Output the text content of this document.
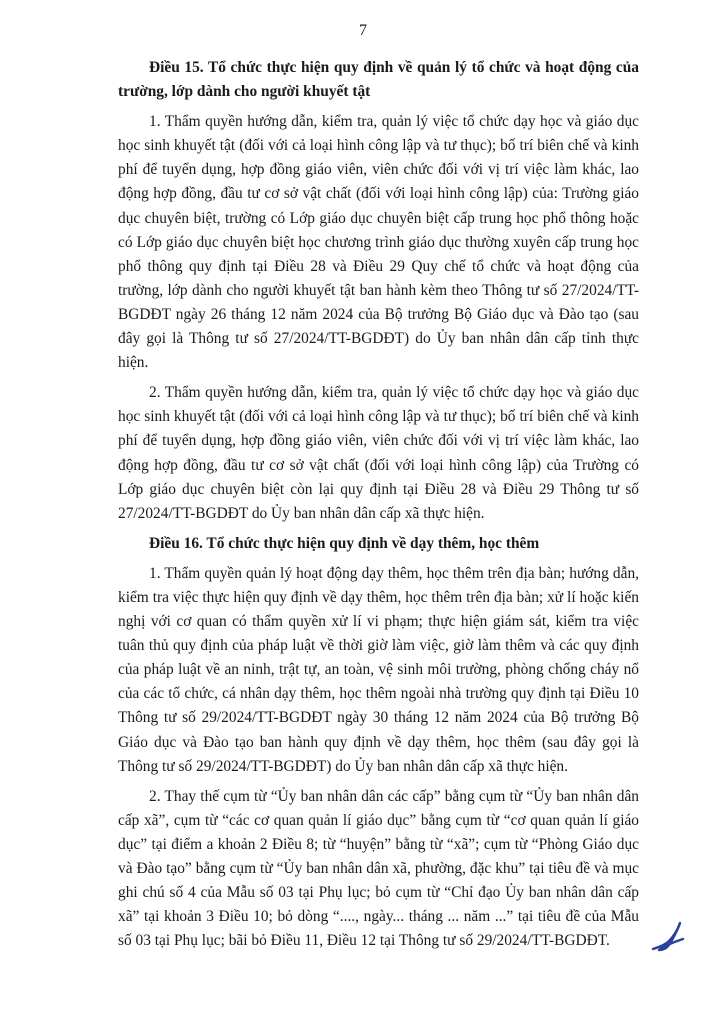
7
Điều 15. Tổ chức thực hiện quy định về quản lý tổ chức và hoạt động của trường, lớp dành cho người khuyết tật

1. Thẩm quyền hướng dẫn, kiểm tra, quản lý việc tổ chức dạy học và giáo dục học sinh khuyết tật (đối với cả loại hình công lập và tư thục); bố trí biên chế và kinh phí để tuyển dụng, hợp đồng giáo viên, viên chức đối với vị trí việc làm khác, lao động hợp đồng, đầu tư cơ sở vật chất (đối với loại hình công lập) của: Trường giáo dục chuyên biệt, trường có Lớp giáo dục chuyên biệt cấp trung học phổ thông hoặc có Lớp giáo dục chuyên biệt học chương trình giáo dục thường xuyên cấp trung học phổ thông quy định tại Điều 28 và Điều 29 Quy chế tổ chức và hoạt động của trường, lớp dành cho người khuyết tật ban hành kèm theo Thông tư số 27/2024/TT-BGDĐT ngày 26 tháng 12 năm 2024 của Bộ trưởng Bộ Giáo dục và Đào tạo (sau đây gọi là Thông tư số 27/2024/TT-BGDĐT) do Ủy ban nhân dân cấp tỉnh thực hiện.

2. Thẩm quyền hướng dẫn, kiểm tra, quản lý việc tổ chức dạy học và giáo dục học sinh khuyết tật (đối với cả loại hình công lập và tư thục); bố trí biên chế và kinh phí để tuyển dụng, hợp đồng giáo viên, viên chức đối với vị trí việc làm khác, lao động hợp đồng, đầu tư cơ sở vật chất (đối với loại hình công lập) của Trường có Lớp giáo dục chuyên biệt còn lại quy định tại Điều 28 và Điều 29 Thông tư số 27/2024/TT-BGDĐT do Ủy ban nhân dân cấp xã thực hiện.

Điều 16. Tổ chức thực hiện quy định về dạy thêm, học thêm

1. Thẩm quyền quản lý hoạt động dạy thêm, học thêm trên địa bàn; hướng dẫn, kiểm tra việc thực hiện quy định về dạy thêm, học thêm trên địa bàn; xử lí hoặc kiến nghị với cơ quan có thẩm quyền xử lí vi phạm; thực hiện giám sát, kiểm tra việc tuân thủ quy định của pháp luật về thời giờ làm việc, giờ làm thêm và các quy định của pháp luật về an ninh, trật tự, an toàn, vệ sinh môi trường, phòng chống cháy nổ của các tổ chức, cá nhân dạy thêm, học thêm ngoài nhà trường quy định tại Điều 10 Thông tư số 29/2024/TT-BGDĐT ngày 30 tháng 12 năm 2024 của Bộ trưởng Bộ Giáo dục và Đào tạo ban hành quy định về dạy thêm, học thêm (sau đây gọi là Thông tư số 29/2024/TT-BGDĐT) do Ủy ban nhân dân cấp xã thực hiện.

2. Thay thế cụm từ “Ủy ban nhân dân các cấp” bằng cụm từ “Ủy ban nhân dân cấp xã”, cụm từ “các cơ quan quản lí giáo dục” bằng cụm từ “cơ quan quản lí giáo dục” tại điểm a khoản 2 Điều 8; từ “huyện” bằng từ “xã”; cụm từ “Phòng Giáo dục và Đào tạo” bằng cụm từ “Ủy ban nhân dân xã, phường, đặc khu” tại tiêu đề và mục ghi chú số 4 của Mẫu số 03 tại Phụ lục; bỏ cụm từ “Chỉ đạo Ủy ban nhân dân cấp xã” tại khoản 3 Điều 10; bỏ dòng “...., ngày... tháng ... năm ...” tại tiêu đề của Mẫu số 03 tại Phụ lục; bãi bỏ Điều 11, Điều 12 tại Thông tư số 29/2024/TT-BGDĐT.
